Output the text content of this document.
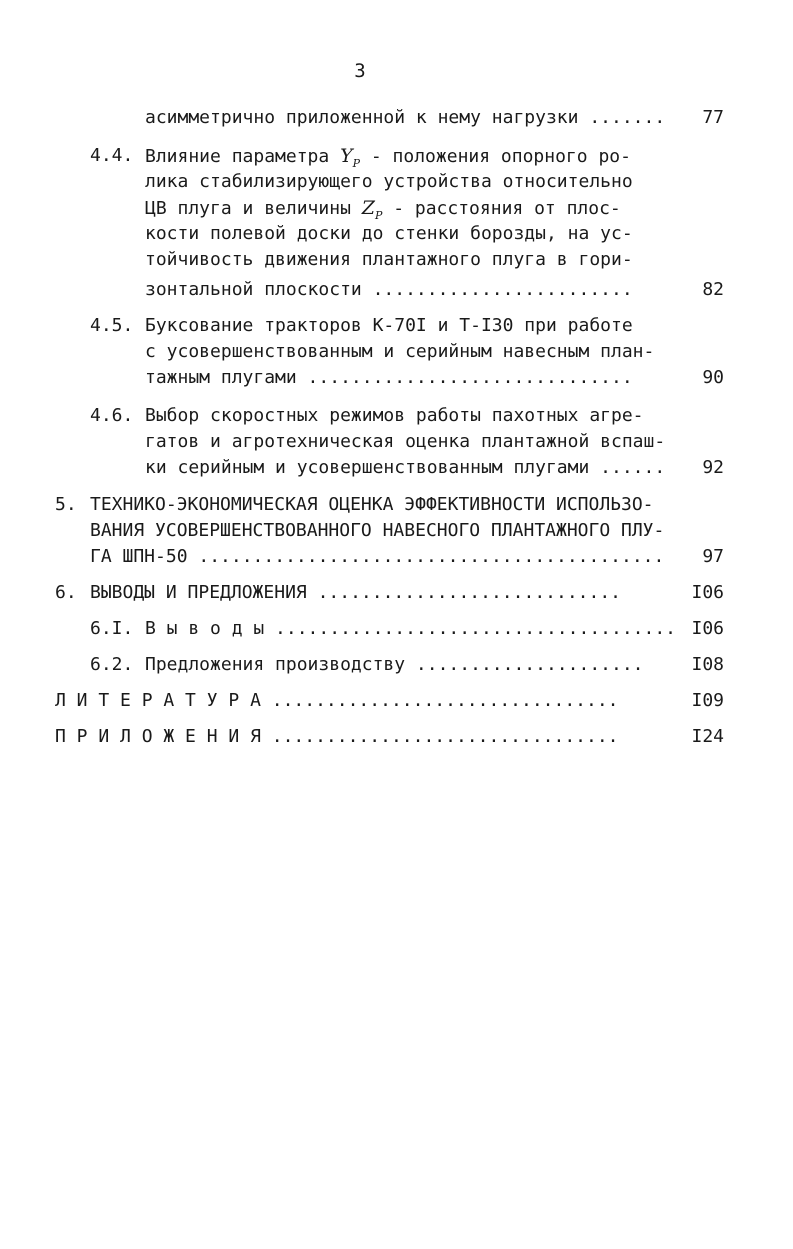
3
асимметрично приложенной к нему нагрузки .......	77
4.4. Влияние параметра $Y_P$ - положения опорного ро-
лика стабилизирующего устройства относительно
ЦВ плуга и величины $Z_P$ - расстояния от плос-
кости полевой доски до стенки борозды, на ус-
тойчивость движения плантажного плуга в гори-
зонтальной плоскости ........................	82
4.5. Буксование тракторов К-70I и Т-I30 при работе
с усовершенствованным и серийным навесным план-
тажным плугами ..............................	90
4.6. Выбор скоростных режимов работы пахотных агре-
гатов и агротехническая оценка плантажной вспаш-
ки серийным и усовершенствованным плугами ......	92
5. ТЕХНИКО-ЭКОНОМИЧЕСКАЯ ОЦЕНКА ЭФФЕКТИВНОСТИ ИСПОЛЬЗО-
ВАНИЯ УСОВЕРШЕНСТВОВАННОГО НАВЕСНОГО ПЛАНТАЖНОГО ПЛУ-
ГА ШПН-50 ...........................................	97
6. ВЫВОДЫ И ПРЕДЛОЖЕНИЯ ............................	I06
6.I. В ы в о д ы ..................................... I06
6.2. Предложения производству .....................	I08
Л И Т Е Р А Т У Р А ................................	I09
П Р И Л О Ж Е Н И Я ................................	I24
